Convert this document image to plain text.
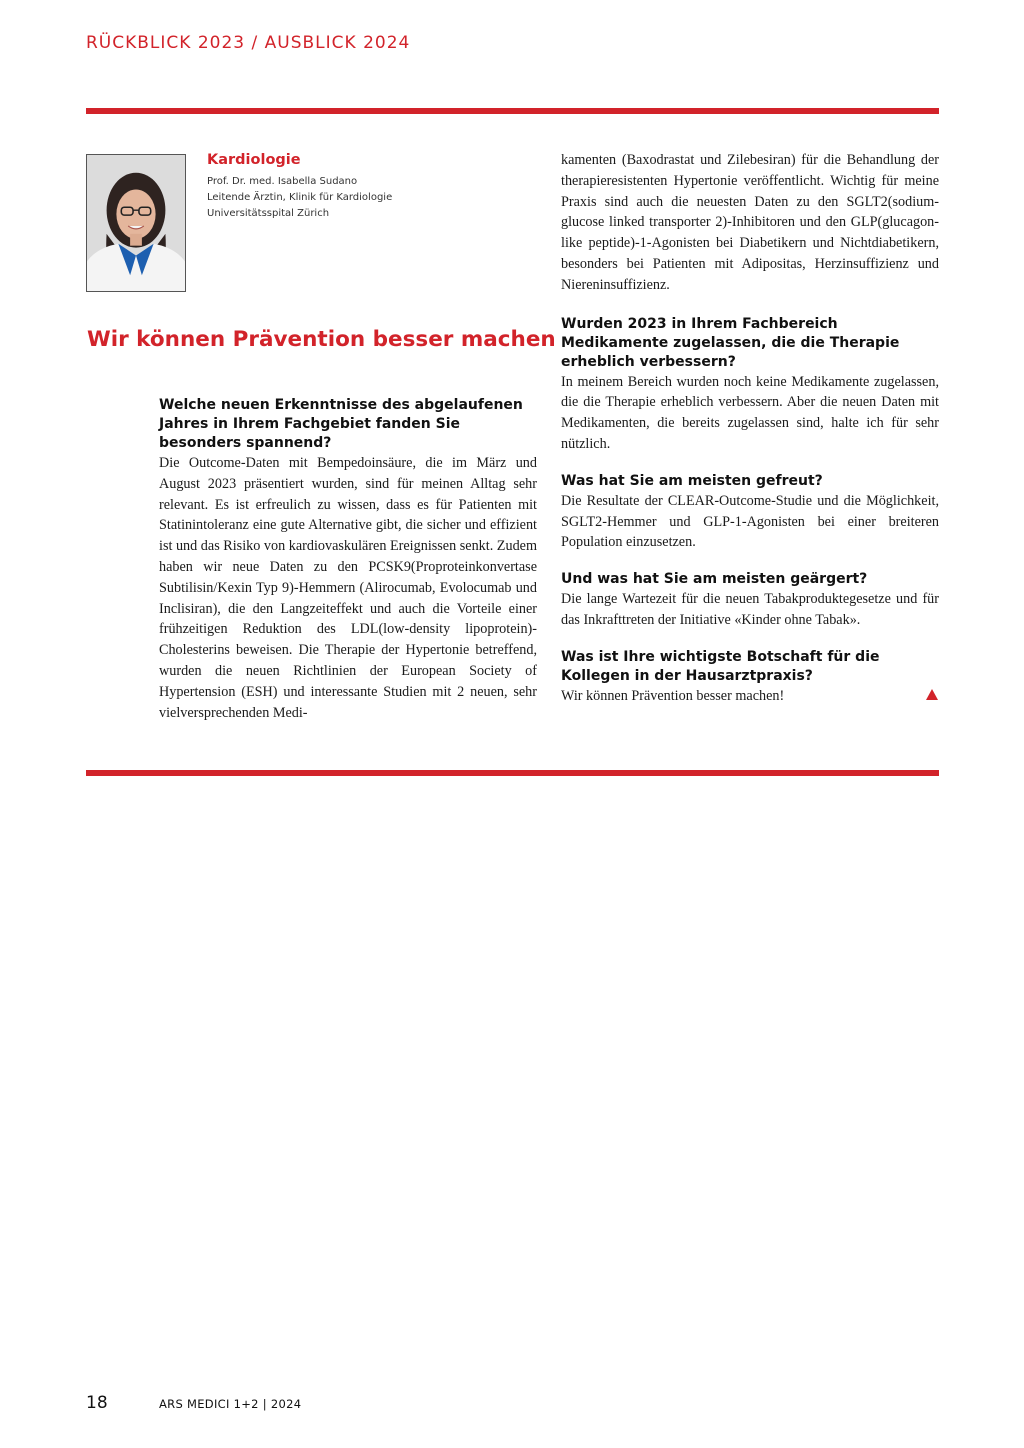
RÜCKBLICK 2023 / AUSBLICK 2024

Kardiologie

Prof. Dr. med. Isabella Sudano

Leitende Ärztin, Klinik für Kardiologie

Universitätsspital Zürich

Wir können Prävention besser machen

Welche neuen Erkenntnisse des abgelaufenen Jahres in Ihrem Fachgebiet fanden Sie besonders spannend?

Die Outcome-Daten mit Bempedoinsäure, die im März und August 2023 präsentiert wurden, sind für meinen Alltag sehr relevant. Es ist erfreulich zu wissen, dass es für Patienten mit Statinintoleranz eine gute Alternative gibt, die sicher und effizient ist und das Risiko von kardiovaskulären Ereignissen senkt. Zudem haben wir neue Daten zu den PCSK9(Proproteinkonvertase Subtilisin/Kexin Typ 9)-Hemmern (Alirocumab, Evolocumab und Inclisiran), die den Langzeiteffekt und auch die Vorteile einer frühzeitigen Reduktion des LDL(low-density lipoprotein)-Cholesterins beweisen. Die Therapie der Hypertonie betreffend, wurden die neuen Richtlinien der European Society of Hypertension (ESH) und interessante Studien mit 2 neuen, sehr vielversprechenden Medi-

kamenten (Baxodrastat und Zilebesiran) für die Behandlung der therapieresistenten Hypertonie veröffentlicht. Wichtig für meine Praxis sind auch die neuesten Daten zu den SGLT2(sodium-glucose linked transporter 2)-Inhibitoren und den GLP(glucagon-like peptide)-1-Agonisten bei Diabetikern und Nichtdiabetikern, besonders bei Patienten mit Adipositas, Herzinsuffizienz und Niereninsuffizienz.

Wurden 2023 in Ihrem Fachbereich Medikamente zugelassen, die die Therapie erheblich verbessern?

In meinem Bereich wurden noch keine Medikamente zugelassen, die die Therapie erheblich verbessern. Aber die neuen Daten mit Medikamenten, die bereits zugelassen sind, halte ich für sehr nützlich.

Was hat Sie am meisten gefreut?

Die Resultate der CLEAR-Outcome-Studie und die Möglichkeit, SGLT2-Hemmer und GLP-1-Agonisten bei einer breiteren Population einzusetzen.

Und was hat Sie am meisten geärgert?

Die lange Wartezeit für die neuen Tabakproduktegesetze und für das Inkrafttreten der Initiative «Kinder ohne Tabak».

Was ist Ihre wichtigste Botschaft für die Kollegen in der Hausarztpraxis?

Wir können Prävention besser machen!

18	ARS MEDICI 1+2 | 2024
